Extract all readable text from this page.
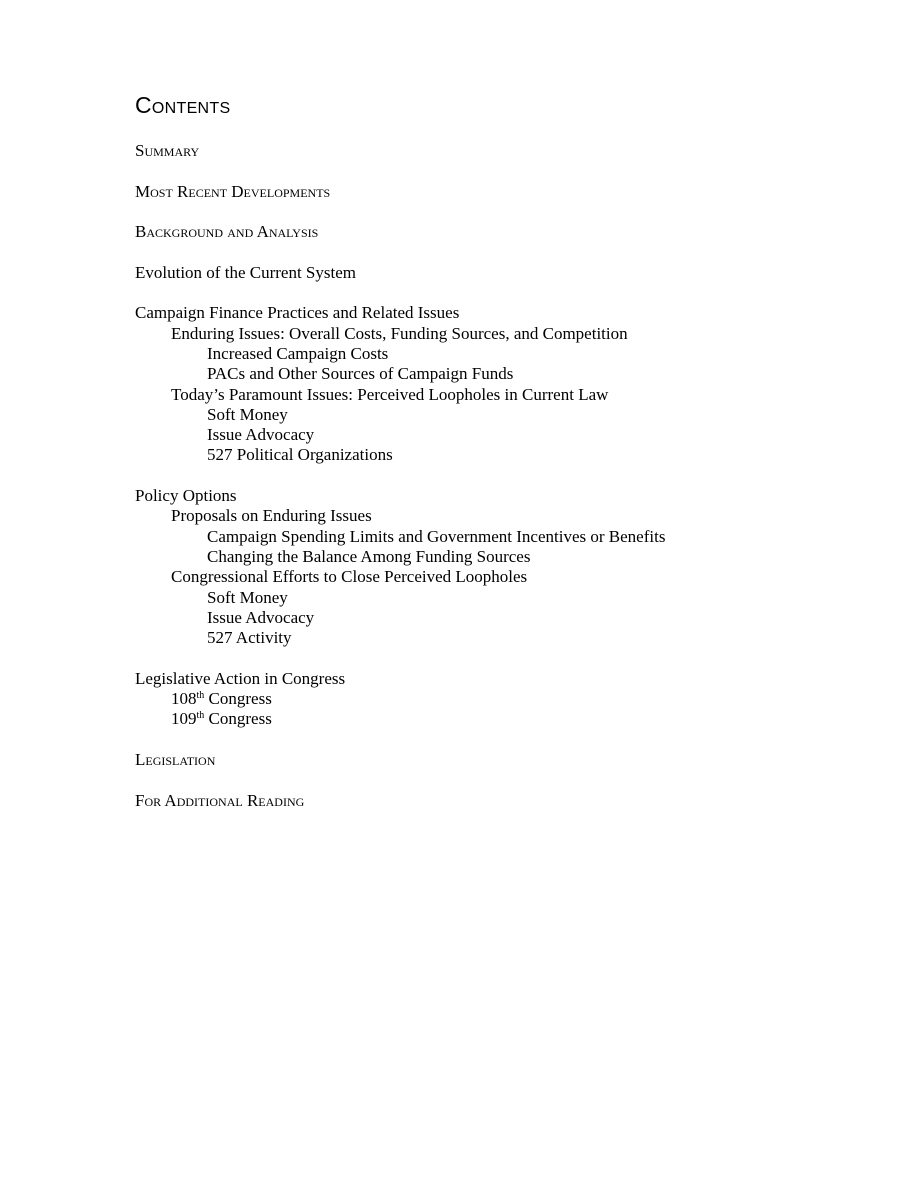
Contents
Summary
Most Recent Developments
Background and Analysis
Evolution of the Current System
Campaign Finance Practices and Related Issues
Enduring Issues: Overall Costs, Funding Sources, and Competition
Increased Campaign Costs
PACs and Other Sources of Campaign Funds
Today’s Paramount Issues: Perceived Loopholes in Current Law
Soft Money
Issue Advocacy
527 Political Organizations
Policy Options
Proposals on Enduring Issues
Campaign Spending Limits and Government Incentives or Benefits
Changing the Balance Among Funding Sources
Congressional Efforts to Close Perceived Loopholes
Soft Money
Issue Advocacy
527 Activity
Legislative Action in Congress
108th Congress
109th Congress
Legislation
For Additional Reading
